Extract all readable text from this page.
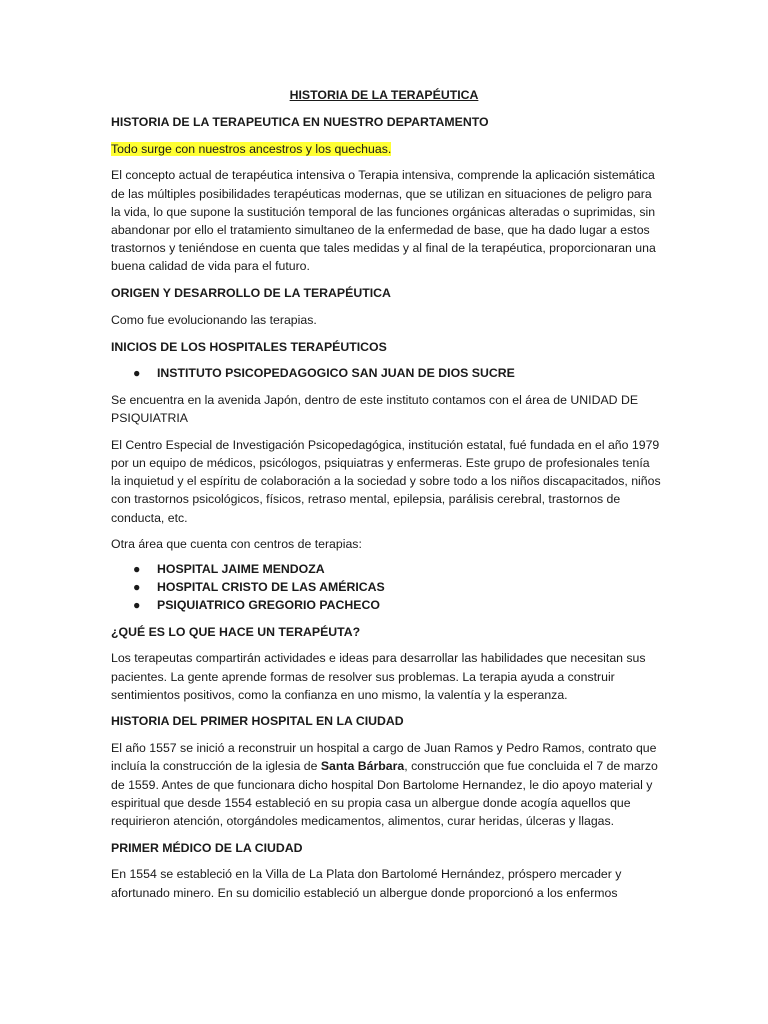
HISTORIA DE LA TERAPÉUTICA

HISTORIA DE LA TERAPEUTICA EN NUESTRO DEPARTAMENTO

Todo surge con nuestros ancestros y los quechuas.

El concepto actual de terapéutica intensiva o Terapia intensiva, comprende la aplicación sistemática de las múltiples posibilidades terapéuticas modernas, que se utilizan en situaciones de peligro para la vida, lo que supone la sustitución temporal de las funciones orgánicas alteradas o suprimidas, sin abandonar por ello el tratamiento simultaneo de la enfermedad de base, que ha dado lugar a estos trastornos y teniéndose en cuenta que tales medidas y al final de la terapéutica, proporcionaran una buena calidad de vida para el futuro.

ORIGEN Y DESARROLLO DE LA TERAPÉUTICA

Como fue evolucionando las terapias.

INICIOS DE LOS HOSPITALES TERAPÉUTICOS

● INSTITUTO PSICOPEDAGOGICO SAN JUAN DE DIOS SUCRE

Se encuentra en la avenida Japón, dentro de este instituto contamos con el área de UNIDAD DE PSIQUIATRIA

El Centro Especial de Investigación Psicopedagógica, institución estatal, fué fundada en el año 1979 por un equipo de médicos, psicólogos, psiquiatras y enfermeras. Este grupo de profesionales tenía la inquietud y el espíritu de colaboración a la sociedad y sobre todo a los niños discapacitados, niños con trastornos psicológicos, físicos, retraso mental, epilepsia, parálisis cerebral, trastornos de conducta, etc.

Otra área que cuenta con centros de terapias:

● HOSPITAL JAIME MENDOZA
● HOSPITAL CRISTO DE LAS AMÉRICAS
● PSIQUIATRICO GREGORIO PACHECO

¿QUÉ ES LO QUE HACE UN TERAPÉUTA?

Los terapeutas compartirán actividades e ideas para desarrollar las habilidades que necesitan sus pacientes. La gente aprende formas de resolver sus problemas. La terapia ayuda a construir sentimientos positivos, como la confianza en uno mismo, la valentía y la esperanza.

HISTORIA DEL PRIMER HOSPITAL EN LA CIUDAD

El año 1557 se inició a reconstruir un hospital a cargo de Juan Ramos y Pedro Ramos, contrato que incluía la construcción de la iglesia de Santa Bárbara, construcción que fue concluida el 7 de marzo de 1559. Antes de que funcionara dicho hospital Don Bartolome Hernandez, le dio apoyo material y espiritual que desde 1554 estableció en su propia casa un albergue donde acogía aquellos que requirieron atención, otorgándoles medicamentos, alimentos, curar heridas, úlceras y llagas.

PRIMER MÉDICO DE LA CIUDAD

En 1554 se estableció en la Villa de La Plata don Bartolomé Hernández, próspero mercader y afortunado minero. En su domicilio estableció un albergue donde proporcionó a los enfermos
